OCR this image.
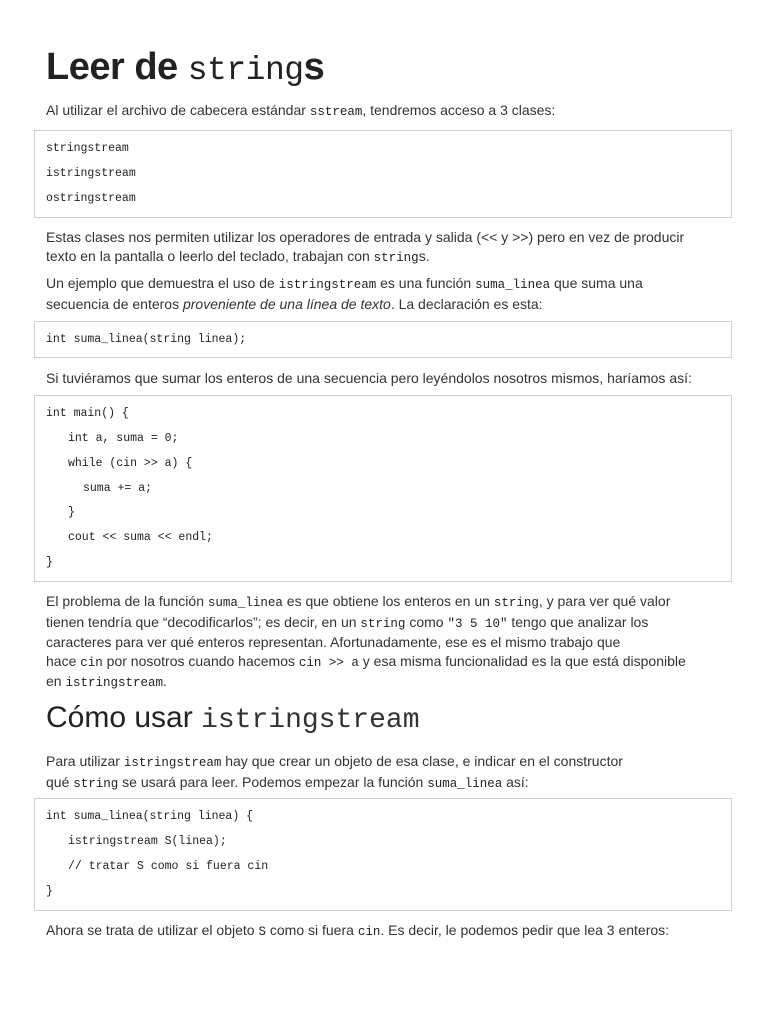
Leer de strings

Al utilizar el archivo de cabecera estándar sstream, tendremos acceso a 3 clases:

stringstream
istringstream
ostringstream

Estas clases nos permiten utilizar los operadores de entrada y salida (<< y >>) pero en vez de producir
texto en la pantalla o leerlo del teclado, trabajan con strings.

Un ejemplo que demuestra el uso de istringstream es una función suma_linea que suma una
secuencia de enteros proveniente de una línea de texto. La declaración es esta:

int suma_linea(string linea);

Si tuviéramos que sumar los enteros de una secuencia pero leyéndolos nosotros mismos, haríamos así:

int main() {
int a, suma = 0;
while (cin >> a) {
suma += a;
}
cout << suma << endl;
}

El problema de la función suma_linea es que obtiene los enteros en un string, y para ver qué valor
tienen tendría que “decodificarlos”; es decir, en un string como "3 5 10" tengo que analizar los
caracteres para ver qué enteros representan. Afortunadamente, ese es el mismo trabajo que
hace cin por nosotros cuando hacemos cin >> a y esa misma funcionalidad es la que está disponible
en istringstream.

Cómo usar istringstream

Para utilizar istringstream hay que crear un objeto de esa clase, e indicar en el constructor
qué string se usará para leer. Podemos empezar la función suma_linea así:

int suma_linea(string linea) {
istringstream S(linea);
// tratar S como si fuera cin
}

Ahora se trata de utilizar el objeto S como si fuera cin. Es decir, le podemos pedir que lea 3 enteros:
